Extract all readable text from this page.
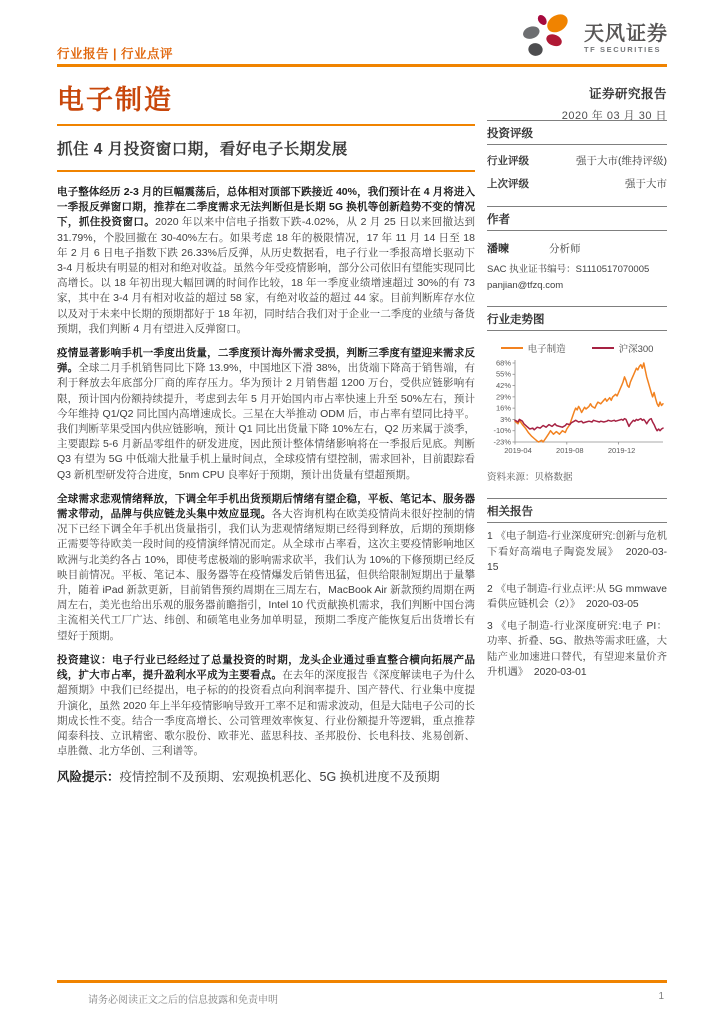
行业报告 | 行业点评
天风证券
TF SECURITIES
电子制造	证券研究报告
2020 年 03 月 30 日
抓住 4 月投资窗口期，看好电子长期发展

电子整体经历 2-3 月的巨幅震荡后，总体相对顶部下跌接近 40%，我们预计在 4 月将进入一季报反弹窗口期，推荐在二季度需求无法判断但是长期 5G 换机等创新趋势不变的情况下，抓住投资窗口。2020 年以来中信电子指数下跌-4.02%，从 2 月 25 日以来回撤达到 31.79%，个股回撤在 30-40%左右。如果考虑 18 年的极限情况，17 年 11 月 14 日至 18 年 2 月 6 日电子指数下跌 26.33%后反弹，从历史数据看，电子行业一季报高增长驱动下 3-4 月板块有明显的相对和绝对收益。虽然今年受疫情影响，部分公司依旧有望能实现同比高增长。以 18 年初出现大幅回调的时间作比较，18 年一季度业绩增速超过 30%的有 73 家，其中在 3-4 月有相对收益的超过 58 家，有绝对收益的超过 44 家。目前判断库存水位以及对于未来中长期的预期都好于 18 年初，同时结合我们对于企业一二季度的业绩与备货预期，我们判断 4 月有望进入反弹窗口。

疫情显著影响手机一季度出货量，二季度预计海外需求受损，判断三季度有望迎来需求反弹。全球二月手机销售同比下降 13.9%，中国地区下滑 38%，出货端下降高于销售端，有利于释放去年底部分厂商的库存压力。华为预计 2 月销售超 1200 万台，受供应链影响有限，预计国内份额持续提升，考虑到去年 5 月开始国内市占率快速上升至 50%左右，预计今年维持 Q1/Q2 同比国内高增速成长。三星在大举推动 ODM 后，市占率有望同比持平。我们判断苹果受国内供应链影响，预计 Q1 同比出货量下降 10%左右，Q2 历来属于淡季，主要跟踪 5-6 月新品零组件的研发进度，因此预计整体情绪影响将在一季报后见底。判断 Q3 有望为 5G 中低端大批量手机上量时间点，全球疫情有望控制，需求回补，目前跟踪看 Q3 新机型研发符合进度，5nm CPU 良率好于预期，预计出货量有望超预期。

全球需求悲观情绪释放，下调全年手机出货预期后情绪有望企稳，平板、笔记本、服务器需求带动，品牌与供应链龙头集中效应显现。各大咨询机构在欧美疫情尚未很好控制的情况下已经下调全年手机出货量指引，我们认为悲观情绪短期已经得到释放，后期的预期修正需要等待欧美一段时间的疫情演绎情况而定。从全球市占率看，这次主要疫情影响地区欧洲与北美约各占 10%，即使考虑极端的影响需求砍半，我们认为 10%的下修预期已经反映目前情况。平板、笔记本、服务器等在疫情爆发后销售迅猛，但供给限制短期出于量攀升，随着 iPad 新款更新，目前销售预约周期在三周左右，MacBook Air 新款预约周期在两周左右，美光也给出乐观的服务器前瞻指引，Intel 10 代贡献换机需求，我们判断中国台湾主流相关代工厂广达、纬创、和硕笔电业务加单明显，预期二季度产能恢复后出货增长有望好于预期。

投资建议：电子行业已经经过了总量投资的时期，龙头企业通过垂直整合横向拓展产品线，扩大市占率，提升盈利水平成为主要看点。在去年的深度报告《深度解读电子为什么超预期》中我们已经提出，电子标的的投资看点向利润率提升、国产替代、行业集中度提升演化，虽然 2020 年上半年疫情影响导致开工率不足和需求波动，但是大陆电子公司的长期成长性不变。结合一季度高增长、公司管理效率恢复、行业份额提升等逻辑，重点推荐闻泰科技、立讯精密、歌尔股份、欧菲光、蓝思科技、圣邦股份、长电科技、兆易创新、卓胜微、北方华创、三利谱等。

风险提示：疫情控制不及预期、宏观换机恶化、5G 换机进度不及预期

投资评级
行业评级	强于大市(维持评级)
上次评级	强于大市
作者
潘暕	分析师
SAC 执业证书编号：S1110517070005
panjian@tfzq.com
行业走势图
电子制造	沪深300
68%
55%
42%
29%
16%
3%
-10%
-23%
2019-04	2019-08	2019-12
资料来源：贝格数据
相关报告
1 《电子制造-行业深度研究:创新与危机下看好高端电子陶瓷发展》 2020-03-15
2 《电子制造-行业点评:从 5G mmwave 看供应链机会（2）》 2020-03-05
3 《电子制造-行业深度研究:电子 PI：功率、折叠、5G、散热等需求旺盛，大陆产业加速进口替代，有望迎来量价齐升机遇》 2020-03-01
请务必阅读正文之后的信息披露和免责申明	1
